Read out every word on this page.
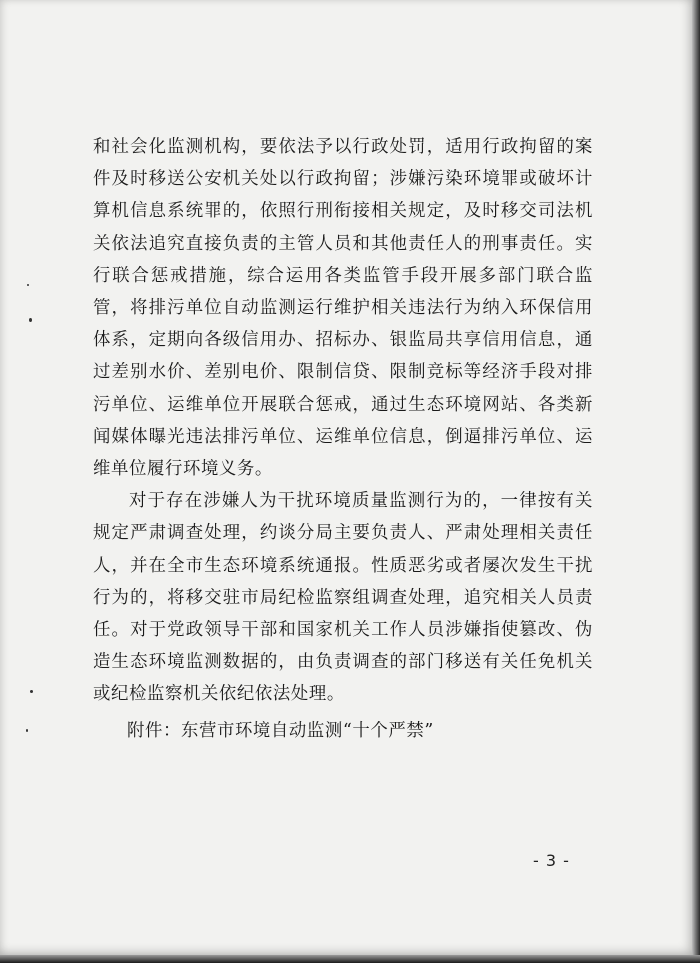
和社会化监测机构，要依法予以行政处罚，适用行政拘留的案件及时移送公安机关处以行政拘留；涉嫌污染环境罪或破坏计算机信息系统罪的，依照行刑衔接相关规定，及时移交司法机关依法追究直接负责的主管人员和其他责任人的刑事责任。实行联合惩戒措施，综合运用各类监管手段开展多部门联合监管，将排污单位自动监测运行维护相关违法行为纳入环保信用体系，定期向各级信用办、招标办、银监局共享信用信息，通过差别水价、差别电价、限制信贷、限制竞标等经济手段对排污单位、运维单位开展联合惩戒，通过生态环境网站、各类新闻媒体曝光违法排污单位、运维单位信息，倒逼排污单位、运维单位履行环境义务。

对于存在涉嫌人为干扰环境质量监测行为的，一律按有关规定严肃调查处理，约谈分局主要负责人、严肃处理相关责任人，并在全市生态环境系统通报。性质恶劣或者屡次发生干扰行为的，将移交驻市局纪检监察组调查处理，追究相关人员责任。对于党政领导干部和国家机关工作人员涉嫌指使篡改、伪造生态环境监测数据的，由负责调查的部门移送有关任免机关或纪检监察机关依纪依法处理。

附件：东营市环境自动监测“十个严禁”
- 3 -
